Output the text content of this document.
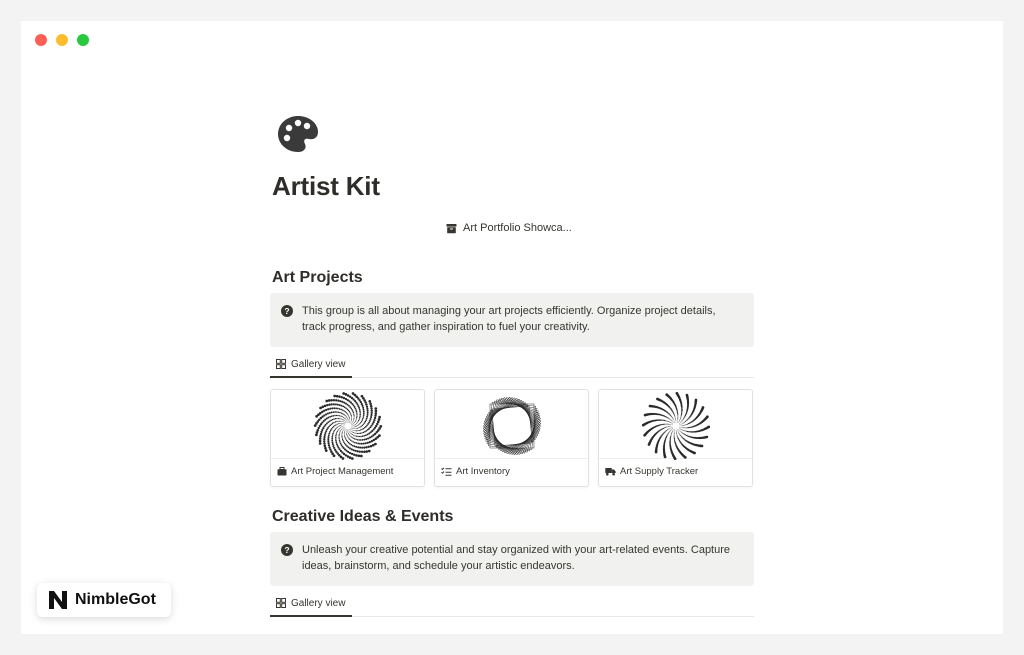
Artist Kit
Art Portfolio Showca...
Art Projects
? This group is all about managing your art projects efficiently. Organize project details,
track progress, and gather inspiration to fuel your creativity.
Gallery view
Art Project Management	Art Inventory	Art Supply Tracker
Creative Ideas & Events
? Unleash your creative potential and stay organized with your art-related events. Capture
ideas, brainstorm, and schedule your artistic endeavors.
Gallery view
NimbleGot
